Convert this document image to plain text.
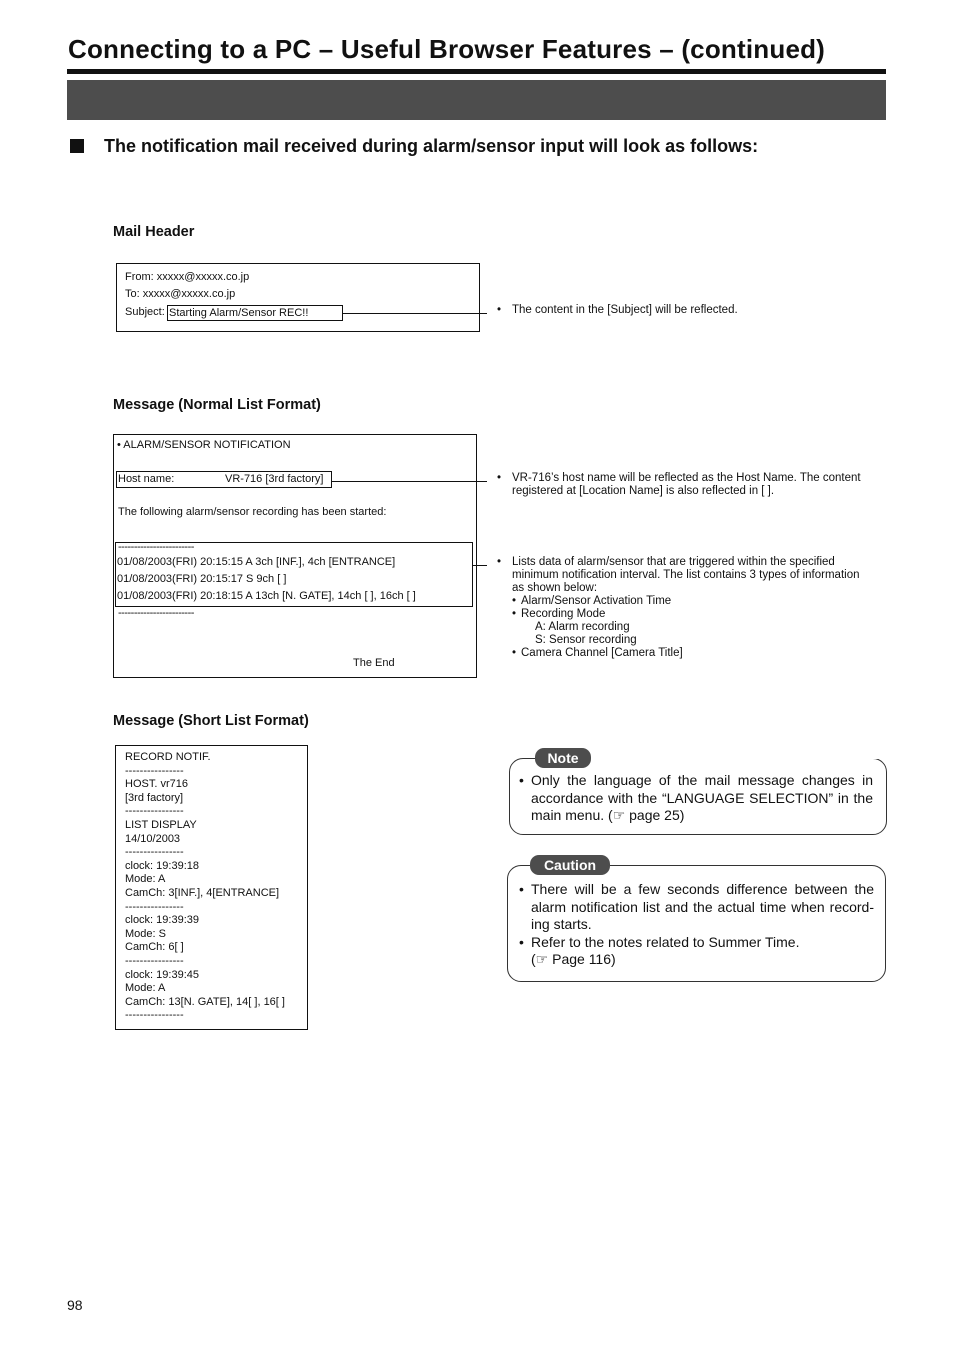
Connecting to a PC – Useful Browser Features – (continued)
The notification mail received during alarm/sensor input will look as follows:
Mail Header
From: xxxxx@xxxxx.co.jp
To: xxxxx@xxxxx.co.jp
Subject: Starting Alarm/Sensor REC!!	• The content in the [Subject] will be reflected.
Message (Normal List Format)
• ALARM/SENSOR NOTIFICATION
Host name:	VR-716 [3rd factory]
The following alarm/sensor recording has been started:
------------------------
01/08/2003(FRI) 20:15:15 A 3ch [INF.], 4ch [ENTRANCE]
01/08/2003(FRI) 20:15:17 S 9ch [ ]
01/08/2003(FRI) 20:18:15 A 13ch [N. GATE], 14ch [ ], 16ch [ ]
------------------------
The End
• VR-716’s host name will be reflected as the Host Name. The content
registered at [Location Name] is also reflected in [ ].
• Lists data of alarm/sensor that are triggered within the specified
minimum notification interval. The list contains 3 types of information
as shown below:
• Alarm/Sensor Activation Time
• Recording Mode
A: Alarm recording
S: Sensor recording
• Camera Channel [Camera Title]
Message (Short List Format)
RECORD NOTIF.
----------------
HOST. vr716
[3rd factory]
----------------
LIST DISPLAY
14/10/2003
----------------
clock: 19:39:18
Mode: A
CamCh: 3[INF.], 4[ENTRANCE]
----------------
clock: 19:39:39
Mode: S
CamCh: 6[ ]
----------------
clock: 19:39:45
Mode: A
CamCh: 13[N. GATE], 14[ ], 16[ ]
----------------
Note
• Only the language of the mail message changes in
accordance with the “LANGUAGE SELECTION” in the
main menu. (☞ page 25)
Caution
• There will be a few seconds difference between the
alarm notification list and the actual time when record-
ing starts.
• Refer to the notes related to Summer Time.
(☞ Page 116)
98
